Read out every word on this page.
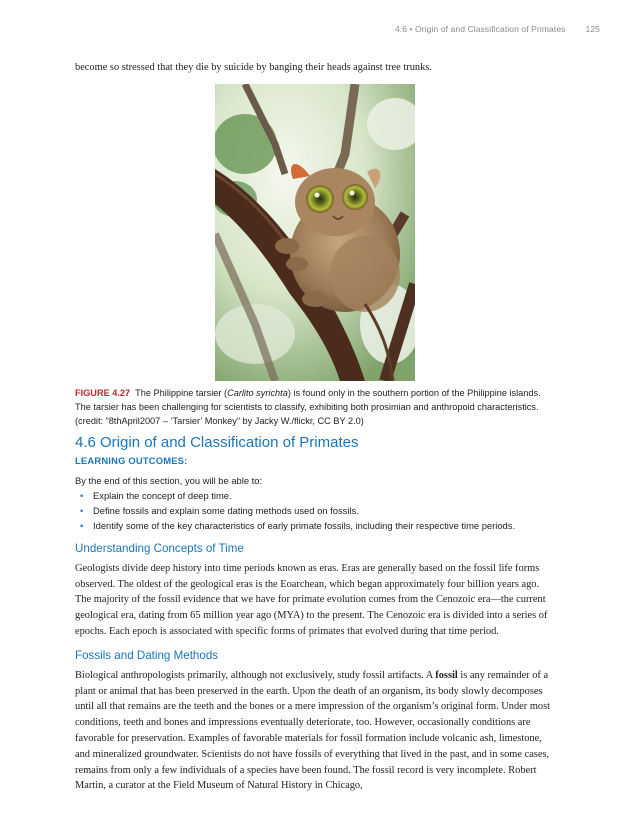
4.6 • Origin of and Classification of Primates 125

become so stressed that they die by suicide by banging their heads against tree trunks.

FIGURE 4.27 The Philippine tarsier (Carlito syrichta) is found only in the southern portion of the Philippine islands. The tarsier has been challenging for scientists to classify, exhibiting both prosimian and anthropoid characteristics. (credit: “8thApril2007 – ‘Tarsier’ Monkey” by Jacky W./flickr, CC BY 2.0)
4.6 Origin of and Classification of Primates
LEARNING OUTCOMES:

By the end of this section, you will be able to:

• Explain the concept of deep time.
• Define fossils and explain some dating methods used on fossils.
• Identify some of the key characteristics of early primate fossils, including their respective time periods.
Understanding Concepts of Time

Geologists divide deep history into time periods known as eras. Eras are generally based on the fossil life forms observed. The oldest of the geological eras is the Eoarchean, which began approximately four billion years ago. The majority of the fossil evidence that we have for primate evolution comes from the Cenozoic era—the current geological era, dating from 65 million year ago (MYA) to the present. The Cenozoic era is divided into a series of epochs. Each epoch is associated with specific forms of primates that evolved during that time period.

Fossils and Dating Methods

Biological anthropologists primarily, although not exclusively, study fossil artifacts. A fossil is any remainder of a plant or animal that has been preserved in the earth. Upon the death of an organism, its body slowly decomposes until all that remains are the teeth and the bones or a mere impression of the organism’s original form. Under most conditions, teeth and bones and impressions eventually deteriorate, too. However, occasionally conditions are favorable for preservation. Examples of favorable materials for fossil formation include volcanic ash, limestone, and mineralized groundwater. Scientists do not have fossils of everything that lived in the past, and in some cases, remains from only a few individuals of a species have been found. The fossil record is very incomplete. Robert Martin, a curator at the Field Museum of Natural History in Chicago,
